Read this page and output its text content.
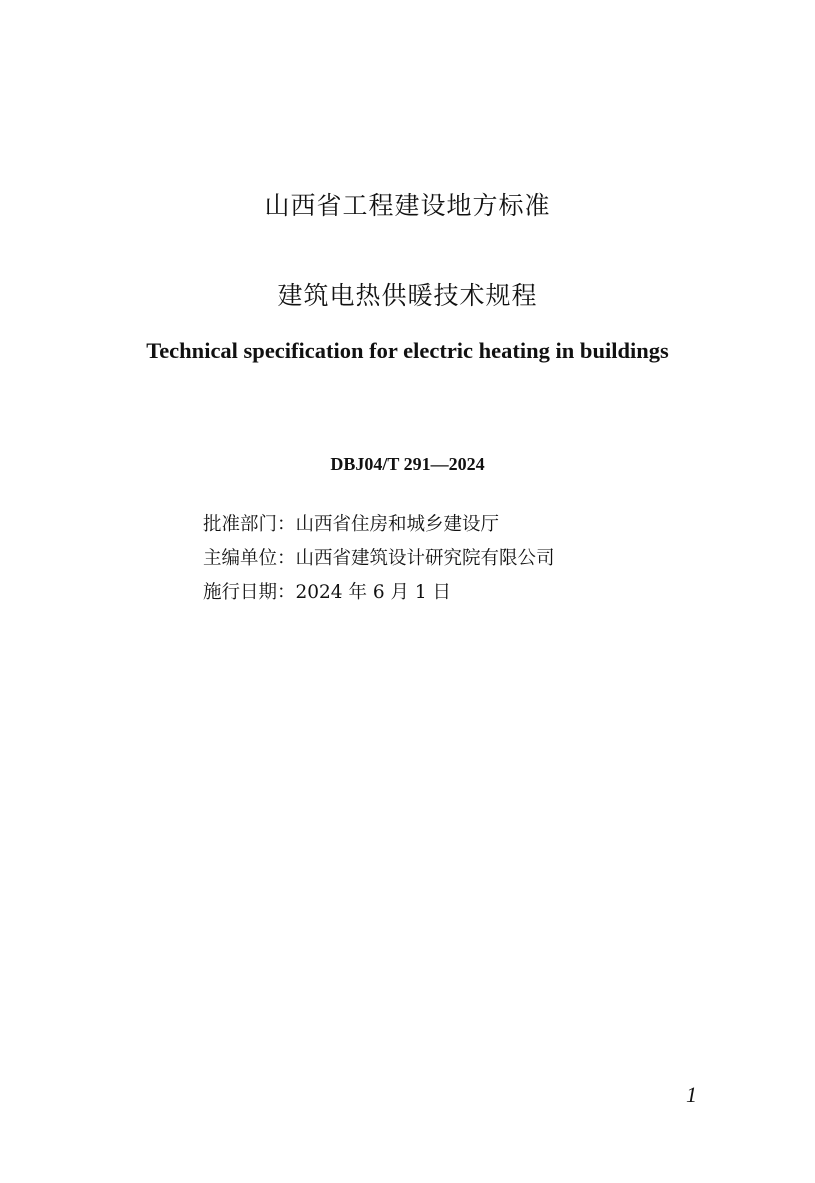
山西省工程建设地方标准
建筑电热供暖技术规程
Technical specification for electric heating in buildings
DBJ04/T 291—2024
批准部门：山西省住房和城乡建设厅
主编单位：山西省建筑设计研究院有限公司
施行日期：2024 年 6 月 1 日
1
